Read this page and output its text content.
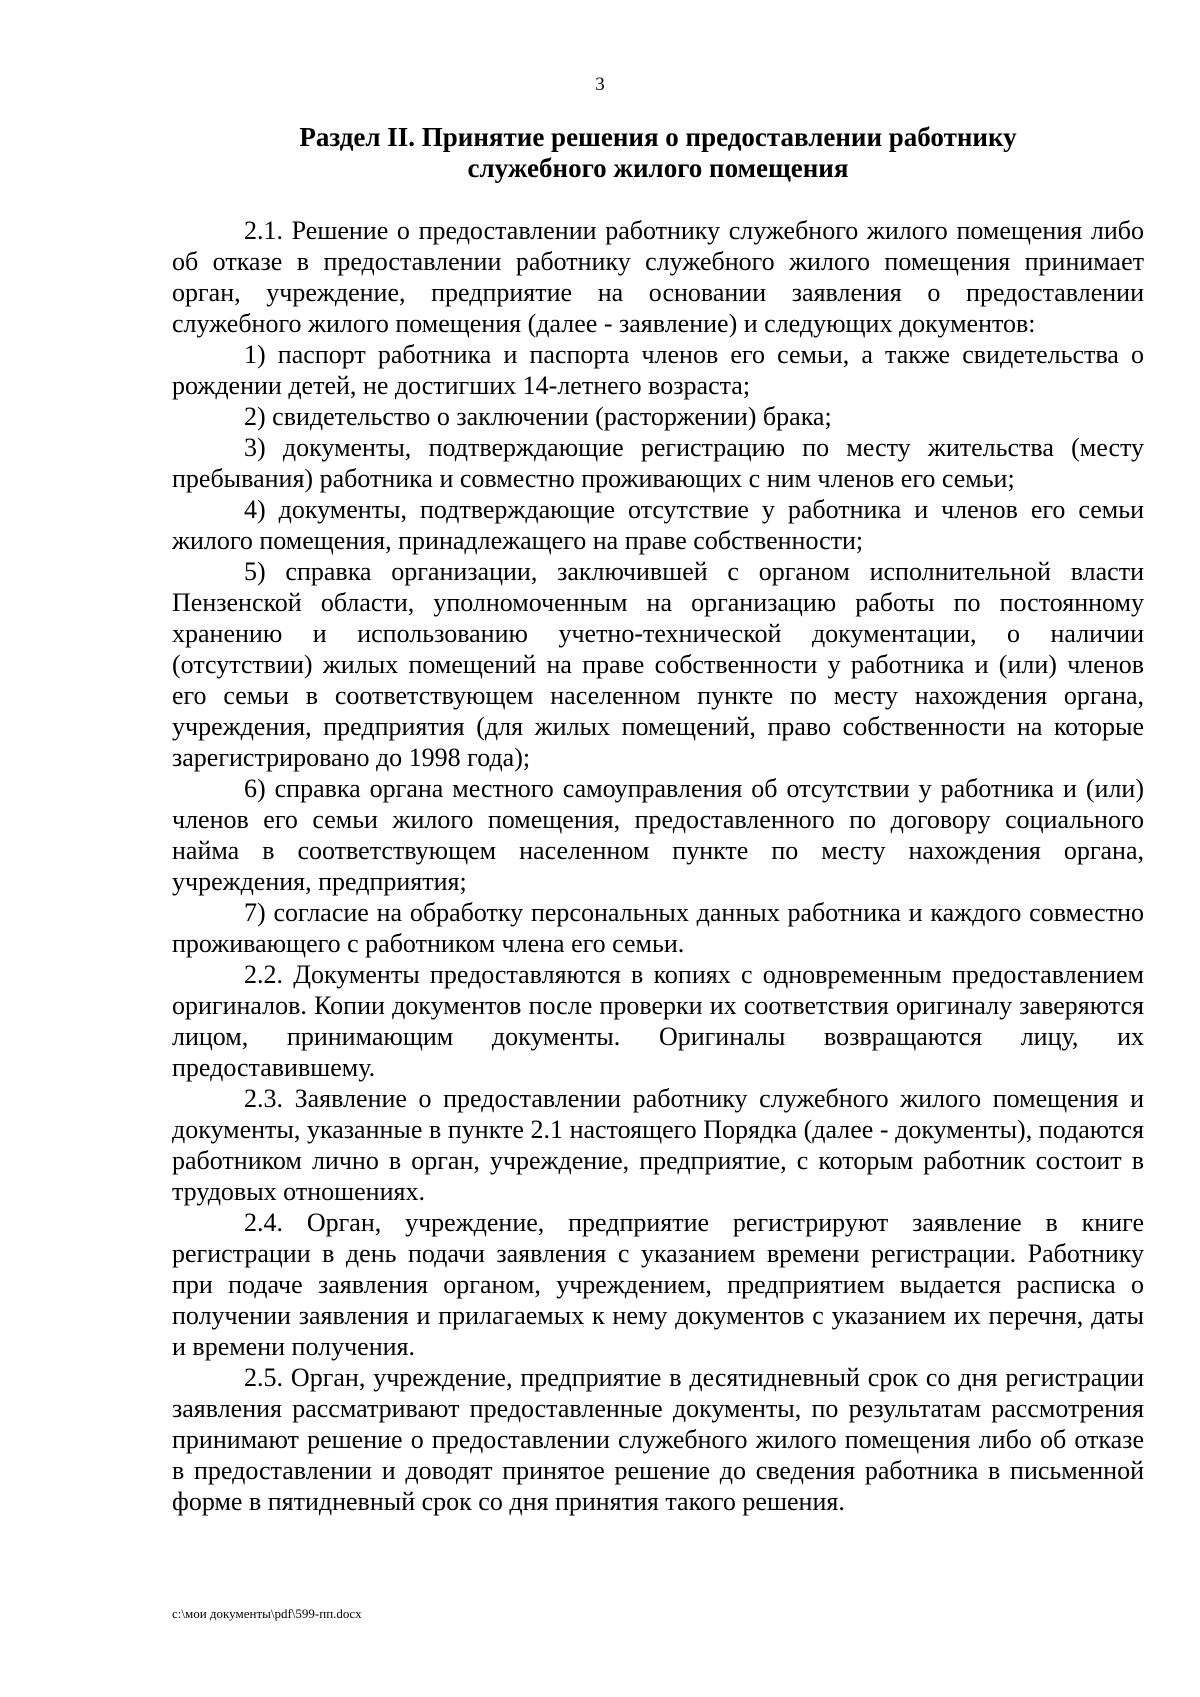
3
Раздел II. Принятие решения о предоставлении работнику
служебного жилого помещения

2.1. Решение о предоставлении работнику служебного жилого помещения либо об отказе в предоставлении работнику служебного жилого помещения принимает орган, учреждение, предприятие на основании заявления о предоставлении служебного жилого помещения (далее - заявление) и следующих документов:

1) паспорт работника и паспорта членов его семьи, а также свидетельства о рождении детей, не достигших 14-летнего возраста;

2) свидетельство о заключении (расторжении) брака;

3) документы, подтверждающие регистрацию по месту жительства (месту пребывания) работника и совместно проживающих с ним членов его семьи;

4) документы, подтверждающие отсутствие у работника и членов его семьи жилого помещения, принадлежащего на праве собственности;

5) справка организации, заключившей с органом исполнительной власти Пензенской области, уполномоченным на организацию работы по постоянному хранению и использованию учетно-технической документации, о наличии (отсутствии) жилых помещений на праве собственности у работника и (или) членов его семьи в соответствующем населенном пункте по месту нахождения органа, учреждения, предприятия (для жилых помещений, право собственности на которые зарегистрировано до 1998 года);

6) справка органа местного самоуправления об отсутствии у работника и (или) членов его семьи жилого помещения, предоставленного по договору социального найма в соответствующем населенном пункте по месту нахождения органа, учреждения, предприятия;

7) согласие на обработку персональных данных работника и каждого совместно проживающего с работником члена его семьи.

2.2. Документы предоставляются в копиях с одновременным предоставлением оригиналов. Копии документов после проверки их соответствия оригиналу заверяются лицом, принимающим документы. Оригиналы возвращаются лицу, их предоставившему.

2.3. Заявление о предоставлении работнику служебного жилого помещения и документы, указанные в пункте 2.1 настоящего Порядка (далее - документы), подаются работником лично в орган, учреждение, предприятие, с которым работник состоит в трудовых отношениях.

2.4. Орган, учреждение, предприятие регистрируют заявление в книге регистрации в день подачи заявления с указанием времени регистрации. Работнику при подаче заявления органом, учреждением, предприятием выдается расписка о получении заявления и прилагаемых к нему документов с указанием их перечня, даты и времени получения.

2.5. Орган, учреждение, предприятие в десятидневный срок со дня регистрации заявления рассматривают предоставленные документы, по результатам рассмотрения принимают решение о предоставлении служебного жилого помещения либо об отказе в предоставлении и доводят принятое решение до сведения работника в письменной форме в пятидневный срок со дня принятия такого решения.

c:\мои документы\pdf\599-пп.docx
